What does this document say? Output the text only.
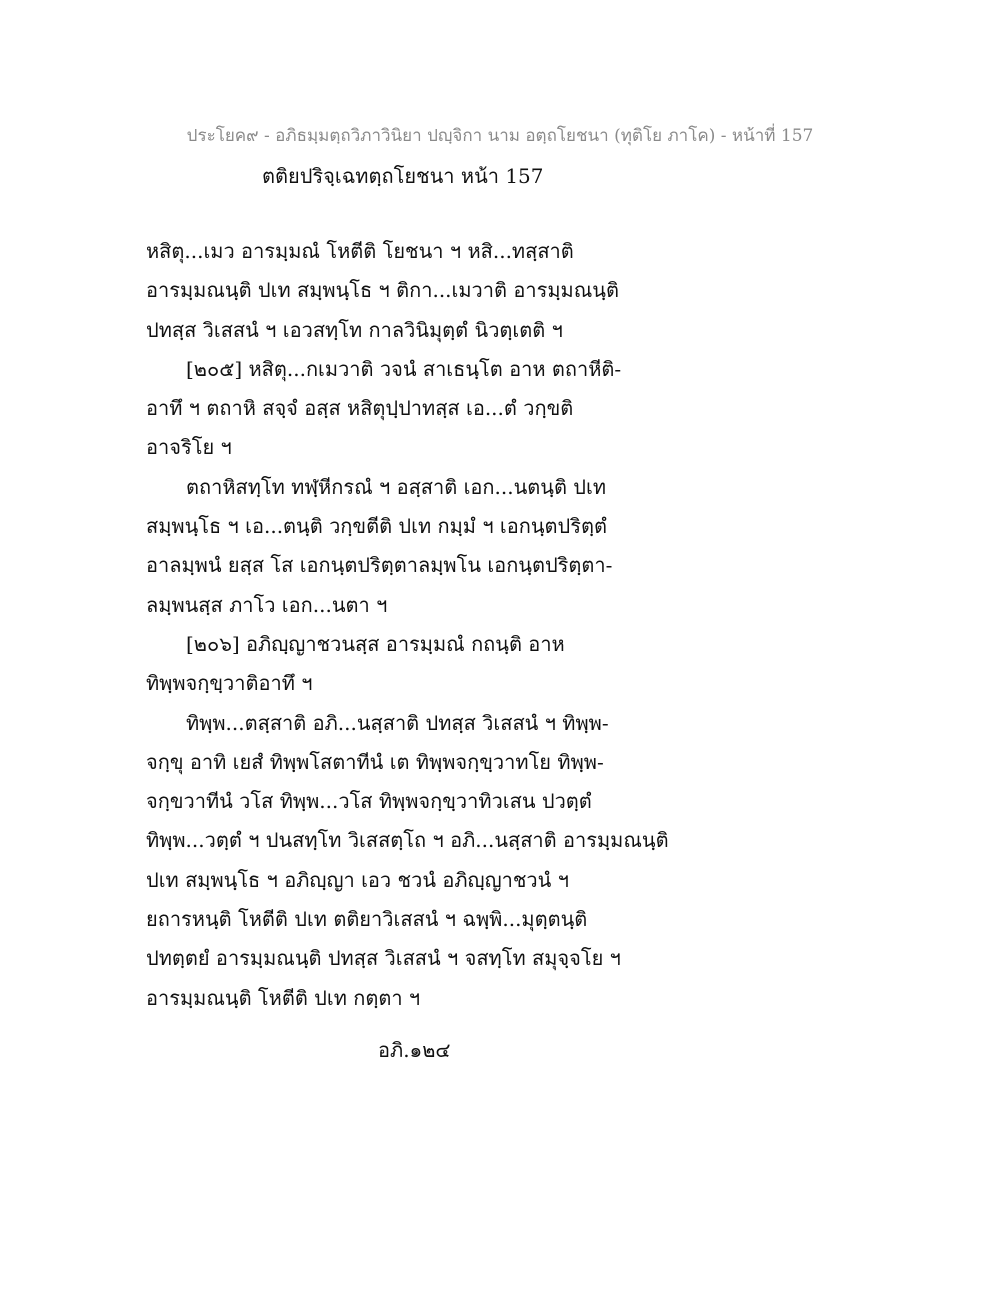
ประโยค๙ - อภิธมฺมตฺถวิภาวินิยา ปญฺจิกา นาม อตฺถโยชนา (ทุติโย ภาโค) - หน้าที่ 157
ตติยปริจฺเฉทตฺถโยชนา หน้า 157
หสิตุ...เมว อารมฺมณํ โหตีติ โยชนา ฯ หสิ...ทสฺสาติ
อารมฺมณนฺติ ปเท สมฺพนฺโธ ฯ ติกา...เมวาติ อารมฺมณนฺติ
ปทสฺส วิเสสนํ ฯ เอวสทฺโท กาลวินิมุตฺตํ นิวตฺเตติ ฯ
[๒๐๕] หสิตุ...กเมวาติ วจนํ สาเธนฺโต อาห ตถาหีติ-
อาทึ ฯ ตถาหิ สจฺจํ อสฺส หสิตุปฺปาทสฺส เอ...ตํ วกฺขติ
อาจริโย ฯ
ตถาหิสทฺโท ทฬฺหีกรณํ ฯ อสฺสาติ เอก...นตนฺติ ปเท
สมฺพนฺโธ ฯ เอ...ตนฺติ วกฺขตีติ ปเท กมฺมํ ฯ เอกนฺตปริตฺตํ
อาลมฺพนํ ยสฺส โส เอกนฺตปริตฺตาลมฺพโน เอกนฺตปริตฺตา-
ลมฺพนสฺส ภาโว เอก...นตา ฯ
[๒๐๖] อภิญฺญาชวนสฺส อารมฺมณํ กถนฺติ อาห
ทิพฺพจกฺขฺวาติอาทึ ฯ
ทิพฺพ...ตสฺสาติ อภิ...นสฺสาติ ปทสฺส วิเสสนํ ฯ ทิพฺพ-
จกฺขุ อาทิ เยสํ ทิพฺพโสตาทีนํ เต ทิพฺพจกฺขฺวาทโย ทิพฺพ-
จกฺขวาทีนํ วโส ทิพฺพ...วโส ทิพฺพจกฺขฺวาทิวเสน ปวตฺตํ
ทิพฺพ...วตฺตํ ฯ ปนสทฺโท วิเสสตฺโถ ฯ อภิ...นสฺสาติ อารมฺมณนฺติ
ปเท สมฺพนฺโธ ฯ อภิญฺญา เอว ชวนํ อภิญฺญาชวนํ ฯ
ยถารหนฺติ โหตีติ ปเท ตติยาวิเสสนํ ฯ ฉพฺพิ...มุตฺตนฺติ
ปทตฺตยํ อารมฺมณนฺติ ปทสฺส วิเสสนํ ฯ จสทฺโท สมุจฺจโย ฯ
อารมฺมณนฺติ โหตีติ ปเท กตฺตา ฯ
อภิ.๑๒๔
